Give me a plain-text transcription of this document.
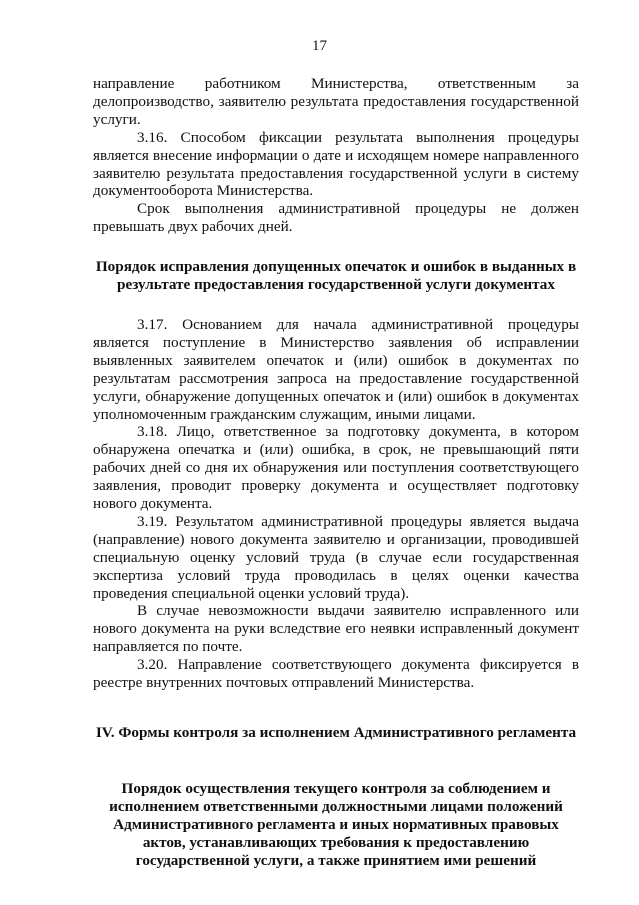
17

направление работником Министерства, ответственным за делопроизводство, заявителю результата предоставления государственной услуги.

3.16. Способом фиксации результата выполнения процедуры является внесение информации о дате и исходящем номере направленного заявителю результата предоставления государственной услуги в систему документооборота Министерства.

Срок выполнения административной процедуры не должен превышать двух рабочих дней.

Порядок исправления допущенных опечаток и ошибок в выданных в результате предоставления государственной услуги документах

3.17. Основанием для начала административной процедуры является поступление в Министерство заявления об исправлении выявленных заявителем опечаток и (или) ошибок в документах по результатам рассмотрения запроса на предоставление государственной услуги, обнаружение допущенных опечаток и (или) ошибок в документах уполномоченным гражданским служащим, иными лицами.

3.18. Лицо, ответственное за подготовку документа, в котором обнаружена опечатка и (или) ошибка, в срок, не превышающий пяти рабочих дней со дня их обнаружения или поступления соответствующего заявления, проводит проверку документа и осуществляет подготовку нового документа.

3.19. Результатом административной процедуры является выдача (направление) нового документа заявителю и организации, проводившей специальную оценку условий труда (в случае если государственная экспертиза условий труда проводилась в целях оценки качества проведения специальной оценки условий труда).

В случае невозможности выдачи заявителю исправленного или нового документа на руки вследствие его неявки исправленный документ направляется по почте.

3.20. Направление соответствующего документа фиксируется в реестре внутренних почтовых отправлений Министерства.

IV. Формы контроля за исполнением Административного регламента

Порядок осуществления текущего контроля за соблюдением и исполнением ответственными должностными лицами положений Административного регламента и иных нормативных правовых актов, устанавливающих требования к предоставлению государственной услуги, а также принятием ими решений
